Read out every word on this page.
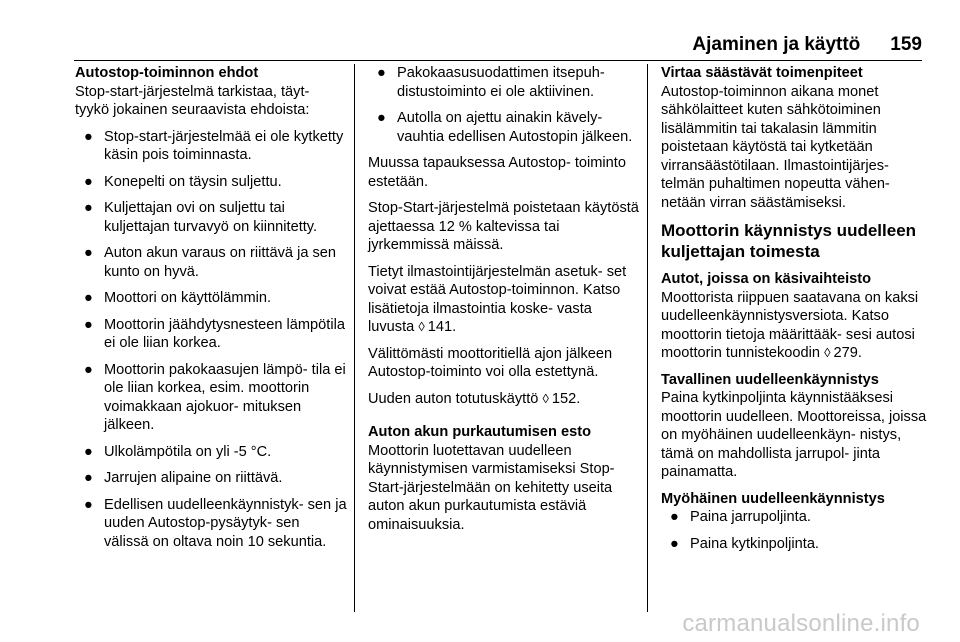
Ajaminen ja käyttö 159
Autostop-toiminnon ehdot

Stop-start-järjestelmä tarkistaa, täyt- tyykö jokainen seuraavista ehdoista:

● Stop-start-järjestelmää ei ole kytketty käsin pois toiminnasta.
● Konepelti on täysin suljettu.
● Kuljettajan ovi on suljettu tai kuljettajan turvavyö on kiinnitetty.
● Auton akun varaus on riittävä ja sen kunto on hyvä.
● Moottori on käyttölämmin.
● Moottorin jäähdytysnesteen lämpötila ei ole liian korkea.
● Moottorin pakokaasujen lämpö- tila ei ole liian korkea, esim. moottorin voimakkaan ajokuor- mituksen jälkeen.
● Ulkolämpötila on yli -5 °C.
● Jarrujen alipaine on riittävä.
● Edellisen uudelleenkäynnistyk- sen ja uuden Autostop-pysäytyk- sen välissä on oltava noin 10 sekuntia.
● Pakokaasusuodattimen itsepuh- distustoiminto ei ole aktiivinen.
● Autolla on ajettu ainakin kävely- vauhtia edellisen Autostopin jälkeen.

Muussa tapauksessa Autostop- toiminto estetään.

Stop-Start-järjestelmä poistetaan käytöstä ajettaessa 12 % kaltevissa tai jyrkemmissä mäissä.

Tietyt ilmastointijärjestelmän asetuk- set voivat estää Autostop-toiminnon. Katso lisätietoja ilmastointia koske- vasta luvusta ◊ 141.

Välittömästi moottoritiellä ajon jälkeen Autostop-toiminto voi olla estettynä.

Uuden auton totutuskäyttö ◊ 152.

Auton akun purkautumisen esto

Moottorin luotettavan uudelleen käynnistymisen varmistamiseksi Stop-Start-järjestelmään on kehitetty useita auton akun purkautumista estäviä ominaisuuksia.

Virtaa säästävät toimenpiteet

Autostop-toiminnon aikana monet sähkölaitteet kuten sähkötoiminen lisälämmitin tai takalasin lämmitin poistetaan käytöstä tai kytketään virransäästötilaan. Ilmastointijärjes- telmän puhaltimen nopeutta vähen- netään virran säästämiseksi.

Moottorin käynnistys uudelleen kuljettajan toimesta
Autot, joissa on käsivaihteisto

Moottorista riippuen saatavana on kaksi uudelleenkäynnistysversiota. Katso moottorin tietoja määrittääk- sesi autosi moottorin tunnistekoodin ◊ 279.

Tavallinen uudelleenkäynnistys

Paina kytkinpoljinta käynnistääksesi moottorin uudelleen. Moottoreissa, joissa on myöhäinen uudelleenkäyn- nistys, tämä on mahdollista jarrupol- jinta painamatta.

Myöhäinen uudelleenkäynnistys
● Paina jarrupoljinta.
● Paina kytkinpoljinta.
carmanualsonline.info
